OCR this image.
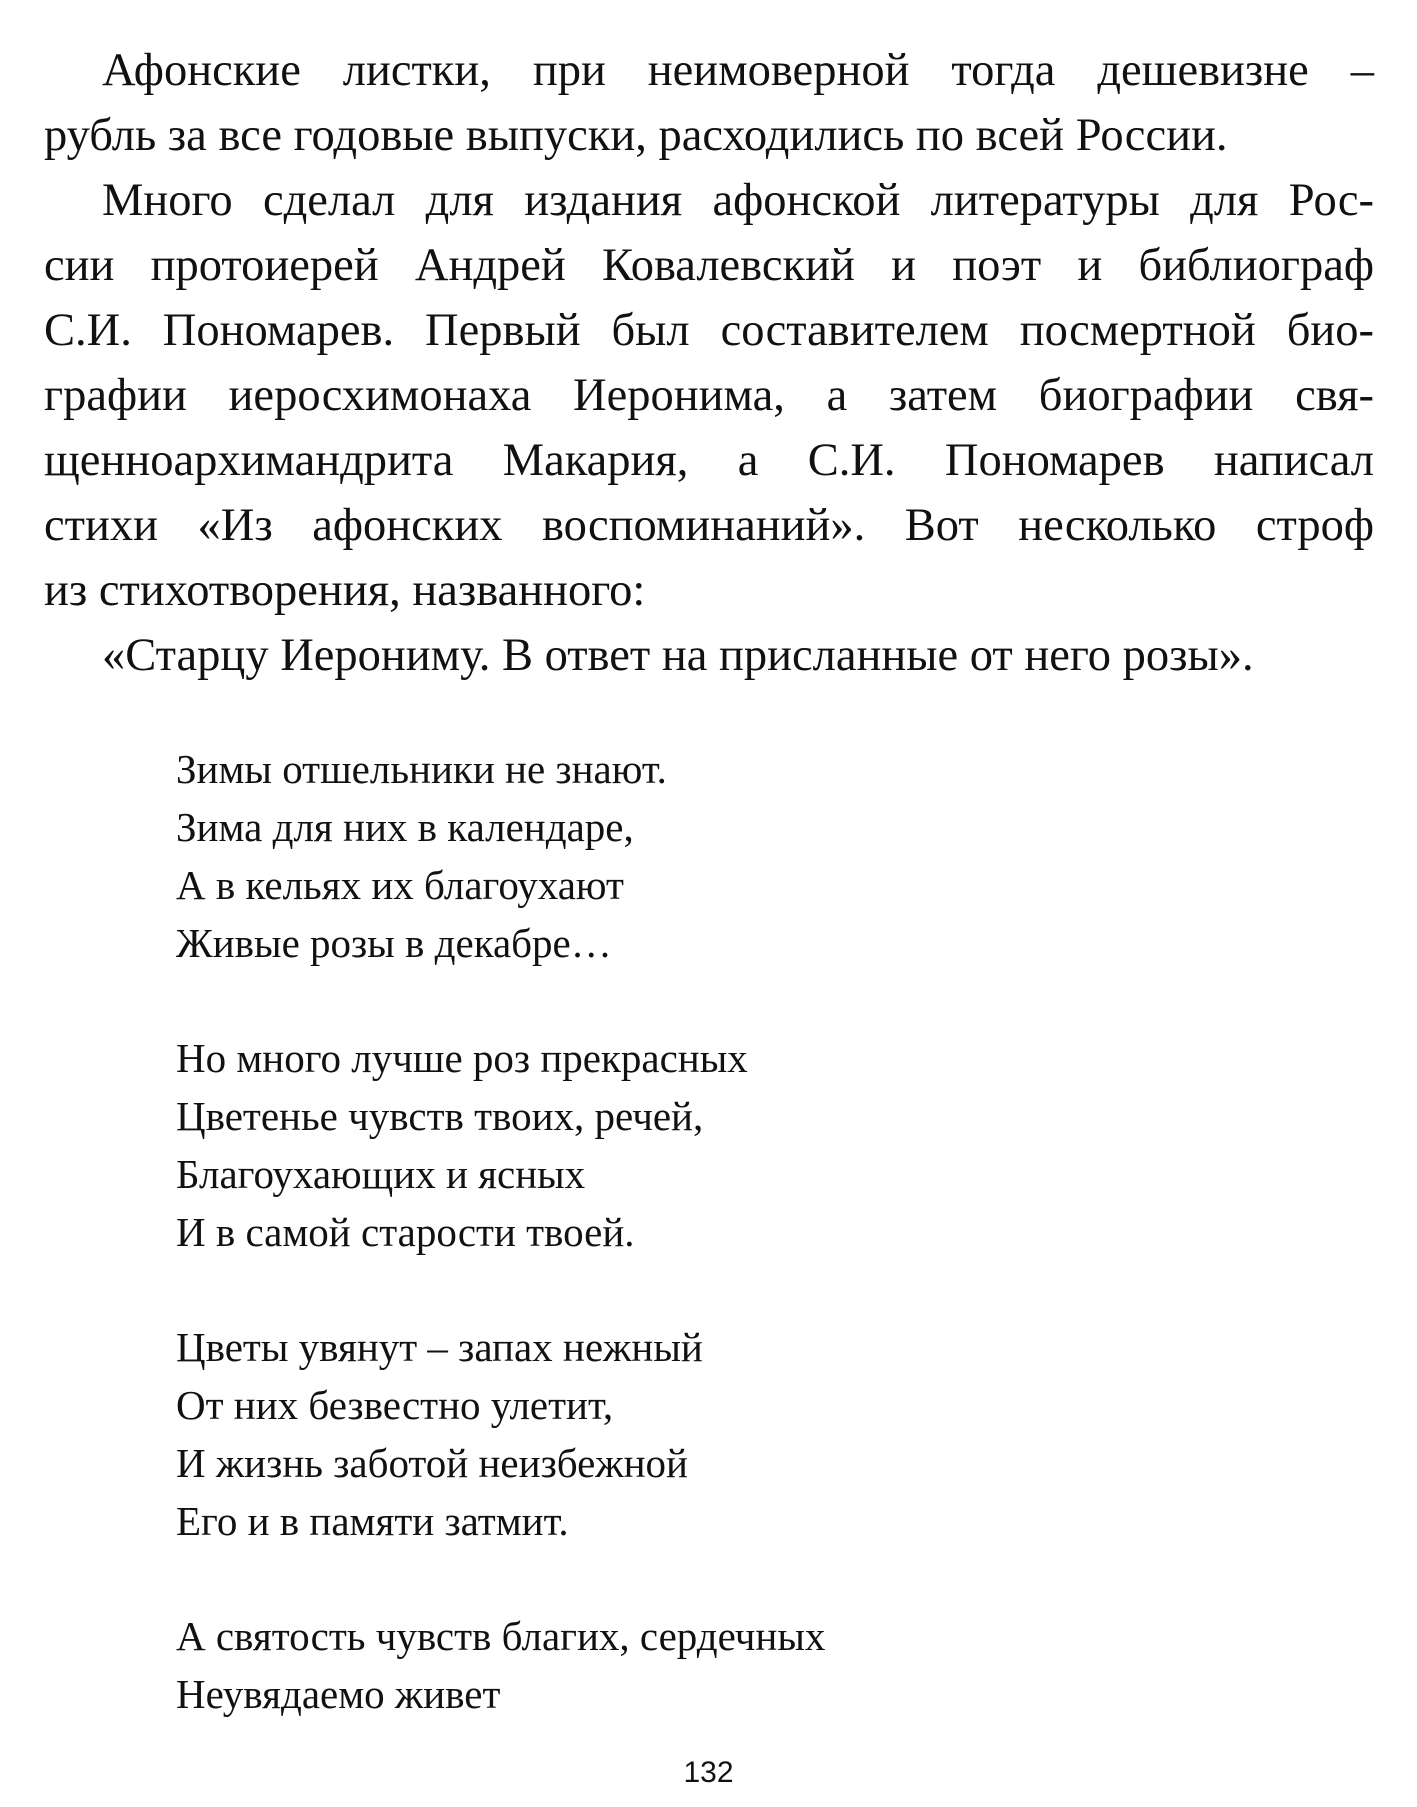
Афонские листки, при неимоверной тогда дешевизне –
рубль за все годовые выпуски, расходились по всей России.

Много сделал для издания афонской литературы для Рос-
сии протоиерей Андрей Ковалевский и поэт и библиограф
С.И. Пономарев. Первый был составителем посмертной био-
графии иеросхимонаха Иеронима, а затем биографии свя-
щенноархимандрита Макария, а С.И. Пономарев написал
стихи «Из афонских воспоминаний». Вот несколько строф
из стихотворения, названного:

«Старцу Иерониму. В ответ на присланные от него розы».

Зимы отшельники не знают.
Зима для них в календаре,
А в кельях их благоухают
Живые розы в декабре…
Но много лучше роз прекрасных
Цветенье чувств твоих, речей,
Благоухающих и ясных
И в самой старости твоей.
Цветы увянут – запах нежный
От них безвестно улетит,
И жизнь заботой неизбежной
Его и в памяти затмит.
А святость чувств благих, сердечных
Неувядаемо живет
132
